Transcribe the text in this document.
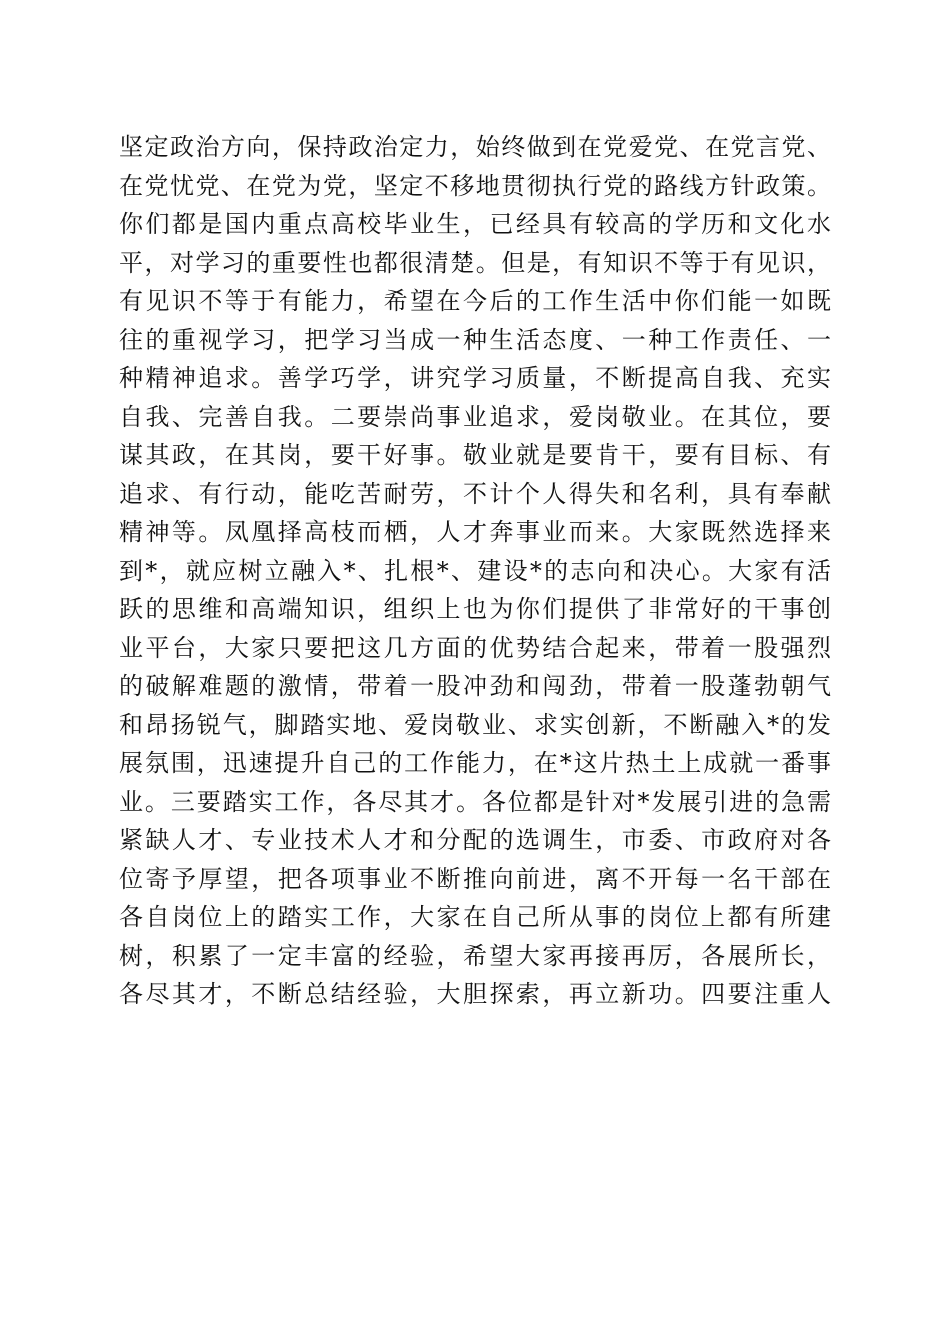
坚定政治方向，保持政治定力，始终做到在党爱党、在党言党、
在党忧党、在党为党，坚定不移地贯彻执行党的路线方针政策。
你们都是国内重点高校毕业生，已经具有较高的学历和文化水
平，对学习的重要性也都很清楚。但是，有知识不等于有见识，
有见识不等于有能力，希望在今后的工作生活中你们能一如既
往的重视学习，把学习当成一种生活态度、一种工作责任、一
种精神追求。善学巧学，讲究学习质量，不断提高自我、充实
自我、完善自我。二要崇尚事业追求，爱岗敬业。在其位，要
谋其政，在其岗，要干好事。敬业就是要肯干，要有目标、有
追求、有行动，能吃苦耐劳，不计个人得失和名利，具有奉献
精神等。凤凰择高枝而栖，人才奔事业而来。大家既然选择来
到*，就应树立融入*、扎根*、建设*的志向和决心。大家有活
跃的思维和高端知识，组织上也为你们提供了非常好的干事创
业平台，大家只要把这几方面的优势结合起来，带着一股强烈
的破解难题的激情，带着一股冲劲和闯劲，带着一股蓬勃朝气
和昂扬锐气，脚踏实地、爱岗敬业、求实创新，不断融入*的发
展氛围，迅速提升自己的工作能力，在*这片热土上成就一番事
业。三要踏实工作，各尽其才。各位都是针对*发展引进的急需
紧缺人才、专业技术人才和分配的选调生，市委、市政府对各
位寄予厚望，把各项事业不断推向前进，离不开每一名干部在
各自岗位上的踏实工作，大家在自己所从事的岗位上都有所建
树，积累了一定丰富的经验，希望大家再接再厉，各展所长，
各尽其才，不断总结经验，大胆探索，再立新功。四要注重人
